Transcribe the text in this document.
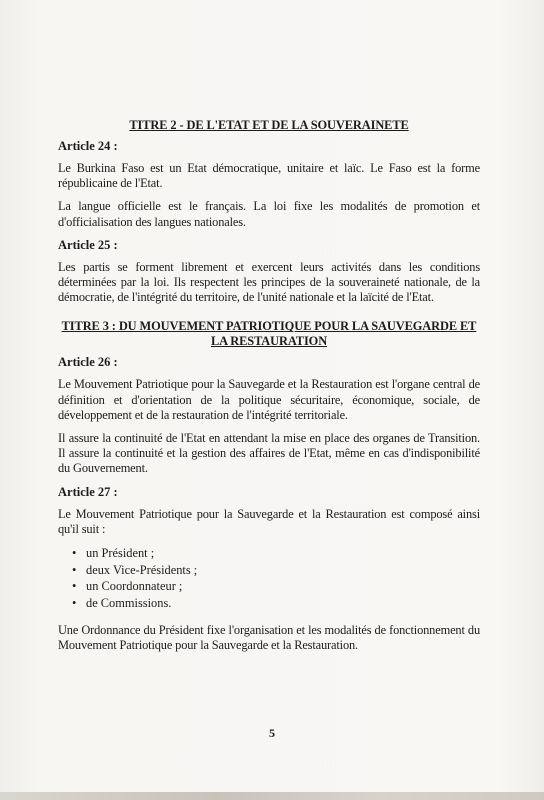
TITRE 2 - DE L'ETAT ET DE LA SOUVERAINETE
Article 24 :

Le Burkina Faso est un Etat démocratique, unitaire et laïc. Le Faso est la forme républicaine de l'Etat.

La langue officielle est le français. La loi fixe les modalités de promotion et d'officialisation des langues nationales.

Article 25 :

Les partis se forment librement et exercent leurs activités dans les conditions déterminées par la loi. Ils respectent les principes de la souveraineté nationale, de la démocratie, de l'intégrité du territoire, de l'unité nationale et la laïcité de l'Etat.

TITRE 3 : DU MOUVEMENT PATRIOTIQUE POUR LA SAUVEGARDE ET LA RESTAURATION
Article 26 :

Le Mouvement Patriotique pour la Sauvegarde et la Restauration est l'organe central de définition et d'orientation de la politique sécuritaire, économique, sociale, de développement et de la restauration de l'intégrité territoriale.

Il assure la continuité de l'Etat en attendant la mise en place des organes de Transition. Il assure la continuité et la gestion des affaires de l'Etat, même en cas d'indisponibilité du Gouvernement.

Article 27 :

Le Mouvement Patriotique pour la Sauvegarde et la Restauration est composé ainsi qu'il suit :

• un Président ;
• deux Vice-Présidents ;
• un Coordonnateur ;
• de Commissions.

Une Ordonnance du Président fixe l'organisation et les modalités de fonctionnement du Mouvement Patriotique pour la Sauvegarde et la Restauration.

5
